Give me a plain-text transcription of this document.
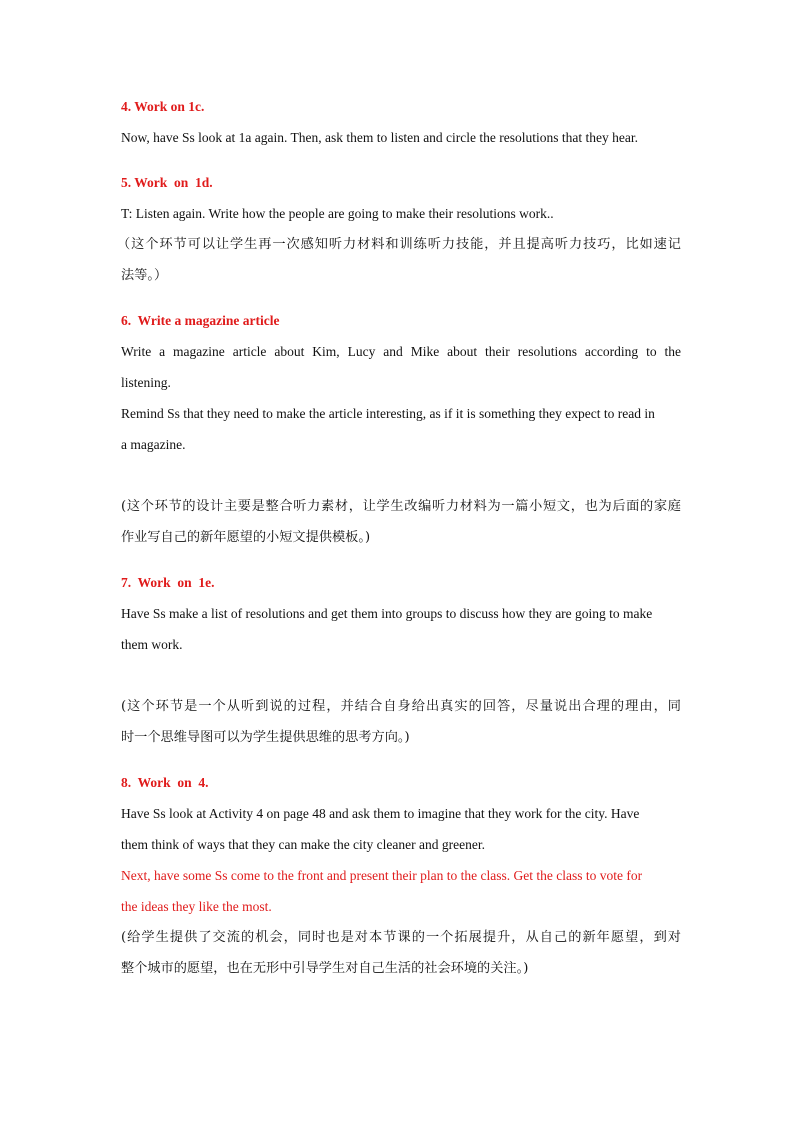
4. Work on 1c.
Now, have Ss look at 1a again. Then, ask them to listen and circle the resolutions that they hear.
5. Work  on  1d.
T: Listen again. Write how the people are going to make their resolutions work..
（这个环节可以让学生再一次感知听力材料和训练听力技能，并且提高听力技巧，比如速记
法等。）
6.  Write a magazine article
Write a magazine article about Kim, Lucy and Mike about their resolutions according to the
listening.
Remind Ss that they need to make the article interesting, as if it is something they expect to read in
a magazine.
(这个环节的设计主要是整合听力素材，让学生改编听力材料为一篇小短文，也为后面的家庭
作业写自己的新年愿望的小短文提供模板。)
7.  Work  on  1e.
Have Ss make a list of resolutions and get them into groups to discuss how they are going to make
them work.
(这个环节是一个从听到说的过程，并结合自身给出真实的回答，尽量说出合理的理由，同
时一个思维导图可以为学生提供思维的思考方向。)
8.  Work  on  4.
Have Ss look at Activity 4 on page 48 and ask them to imagine that they work for the city. Have
them think of ways that they can make the city cleaner and greener.
Next, have some Ss come to the front and present their plan to the class. Get the class to vote for
the ideas they like the most.
(给学生提供了交流的机会，同时也是对本节课的一个拓展提升，从自己的新年愿望，到对
整个城市的愿望，也在无形中引导学生对自己生活的社会环境的关注。)
